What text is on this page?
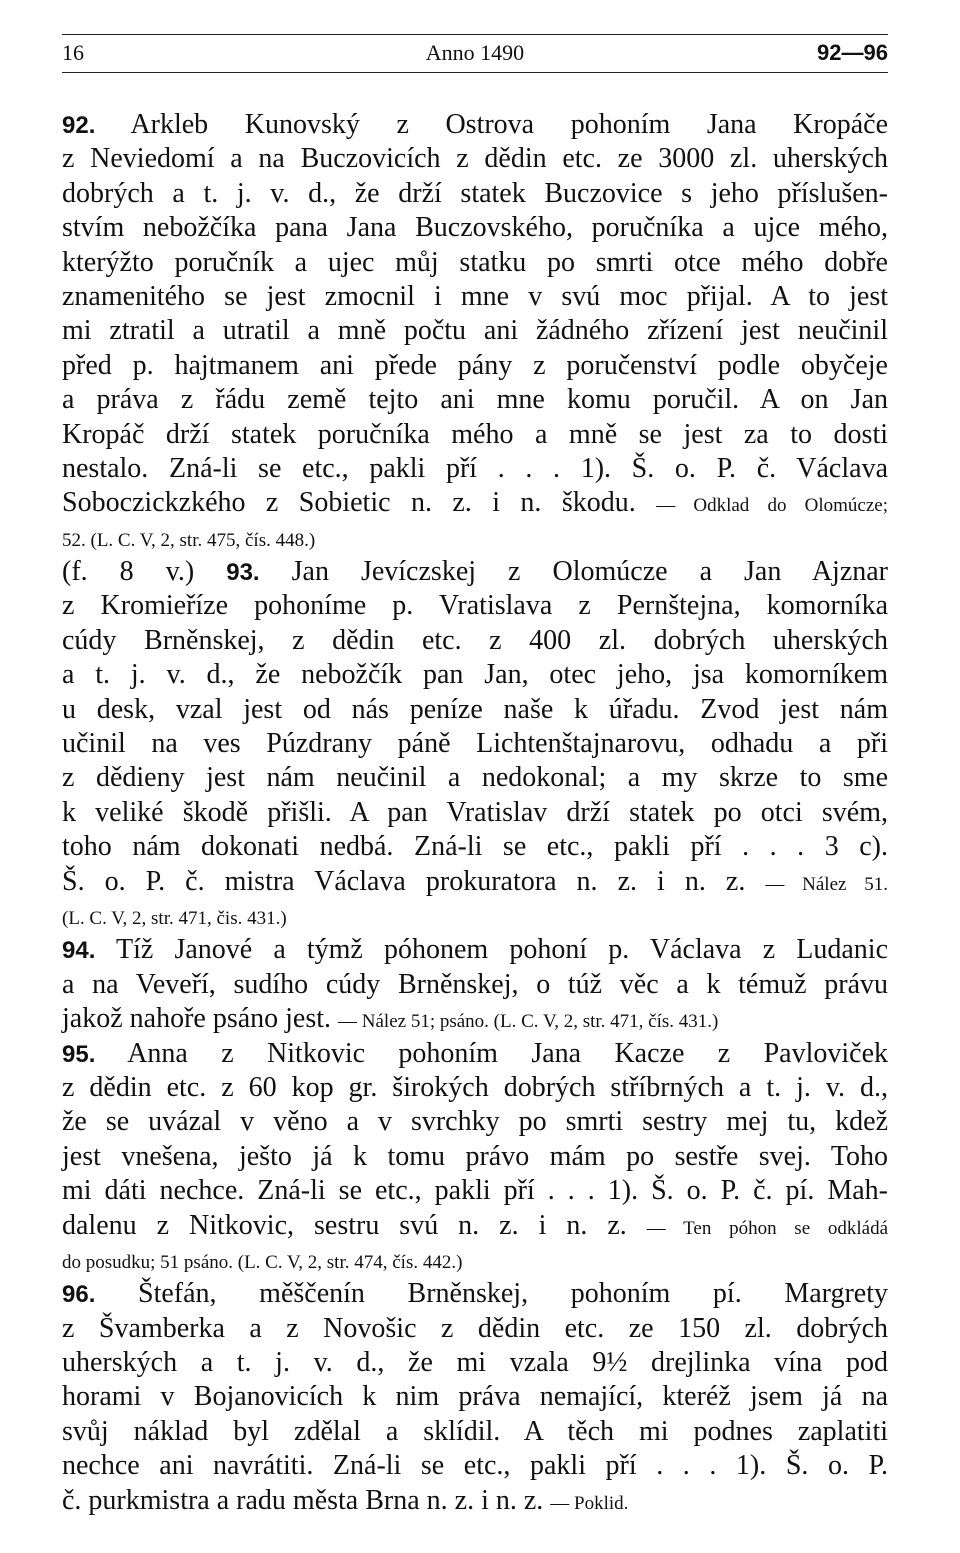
16	Anno 1490	92—96
92. Arkleb Kunovský z Ostrova pohoním Jana Kropáče
z Neviedomí a na Buczovicích z dědin etc. ze 3000 zl. uherských
dobrých a t. j. v. d., že drží statek Buczovice s jeho příslušen-
stvím nebožčíka pana Jana Buczovského, poručníka a ujce mého,
kterýžto poručník a ujec můj statku po smrti otce mého dobře
znamenitého se jest zmocnil i mne v svú moc přijal. A to jest
mi ztratil a utratil a mně počtu ani žádného zřízení jest neučinil
před p. hajtmanem ani přede pány z poručenství podle obyčeje
a práva z řádu země tejto ani mne komu poručil. A on Jan
Kropáč drží statek poručníka mého a mně se jest za to dosti
nestalo. Zná-li se etc., pakli pří . . . 1). Š. o. P. č. Václava
Soboczickzkého z Sobietic n. z. i n. škodu. — Odklad do Olomúcze;
52. (L. C. V, 2, str. 475, čís. 448.)
(f. 8 v.) 93. Jan Jevíczskej z Olomúcze a Jan Ajznar
z Kromieříze pohoníme p. Vratislava z Pernštejna, komorníka
cúdy Brněnskej, z dědin etc. z 400 zl. dobrých uherských
a t. j. v. d., že nebožčík pan Jan, otec jeho, jsa komorníkem
u desk, vzal jest od nás peníze naše k úřadu. Zvod jest nám
učinil na ves Púzdrany páně Lichtenštajnarovu, odhadu a při
z dědieny jest nám neučinil a nedokonal; a my skrze to sme
k veliké škodě přišli. A pan Vratislav drží statek po otci svém,
toho nám dokonati nedbá. Zná-li se etc., pakli pří . . . 3 c).
Š. o. P. č. mistra Václava prokuratora n. z. i n. z. — Nález 51.
(L. C. V, 2, str. 471, čis. 431.)
94. Tíž Janové a týmž póhonem pohoní p. Václava z Ludanic
a na Veveří, sudího cúdy Brněnskej, o túž věc a k témuž právu
jakož nahoře psáno jest. — Nález 51; psáno. (L. C. V, 2, str. 471, čís. 431.)
95. Anna z Nitkovic pohoním Jana Kacze z Pavloviček
z dědin etc. z 60 kop gr. širokých dobrých stříbrných a t. j. v. d.,
že se uvázal v věno a v svrchky po smrti sestry mej tu, kdež
jest vnešena, ješto já k tomu právo mám po sestře svej. Toho
mi dáti nechce. Zná-li se etc., pakli pří . . . 1). Š. o. P. č. pí. Mah-
dalenu z Nitkovic, sestru svú n. z. i n. z. — Ten póhon se odkládá
do posudku; 51 psáno. (L. C. V, 2, str. 474, čís. 442.)
96. Štefán, měščenín Brněnskej, pohoním pí. Margrety
z Švamberka a z Novošic z dědin etc. ze 150 zl. dobrých
uherských a t. j. v. d., že mi vzala 9½ drejlinka vína pod
horami v Bojanovicích k nim práva nemající, kteréž jsem já na
svůj náklad byl zdělal a sklídil. A těch mi podnes zaplatiti
nechce ani navrátiti. Zná-li se etc., pakli pří . . . 1). Š. o. P.
č. purkmistra a radu města Brna n. z. i n. z. — Poklid.
